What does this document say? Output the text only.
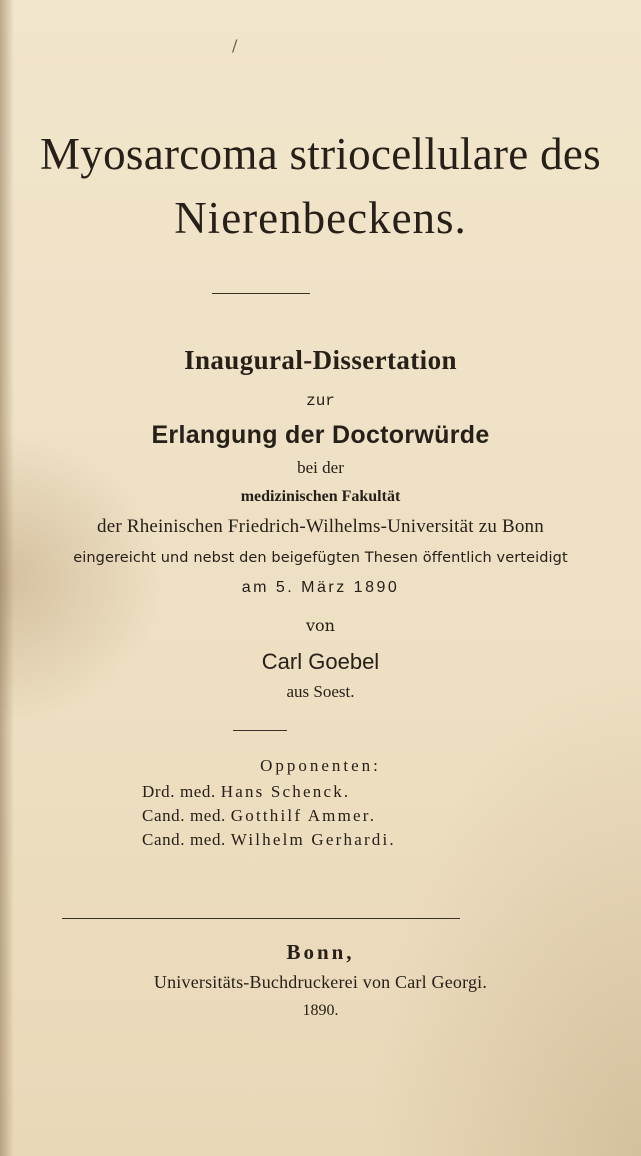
/
Myosarcoma striocellulare des
Nierenbeckens.
Inaugural-Dissertation
zur
Erlangung der Doctorwürde
bei der
medizinischen Fakultät
der Rheinischen Friedrich-Wilhelms-Universität zu Bonn
eingereicht und nebst den beigefügten Thesen öffentlich verteidigt
am 5. März 1890
von
Carl Goebel
aus Soest.
Opponenten:
Drd. med. Hans Schenck.
Cand. med. Gotthilf Ammer.
Cand. med. Wilhelm Gerhardi.
Bonn,
Universitäts-Buchdruckerei von Carl Georgi.
1890.
